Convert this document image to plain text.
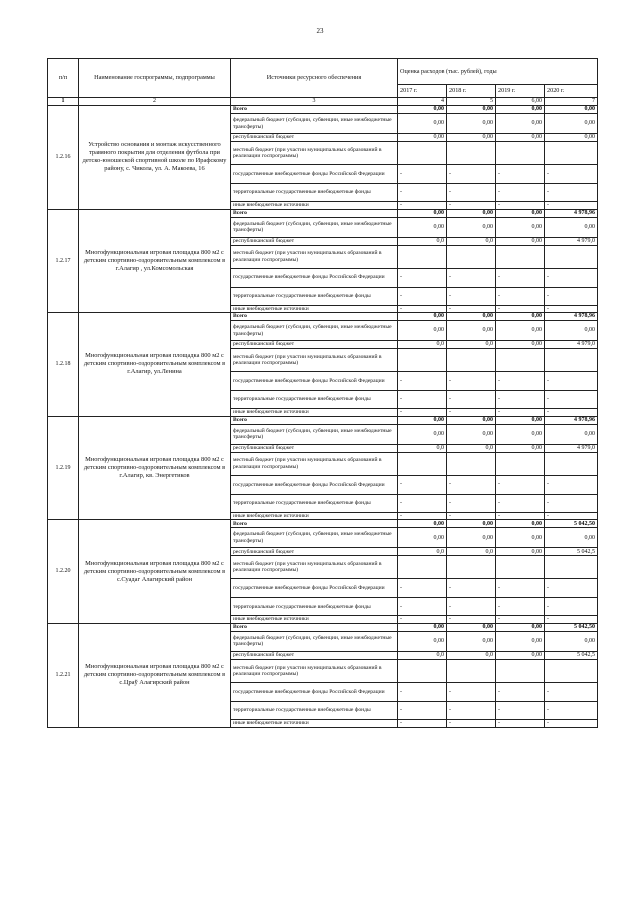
23
п/п	Наименование госпрограммы, подпрограммы	Источники ресурсного обеспечения	Оценка расходов (тыс. рублей), годы			
			2017 г.	2018 г.	2019 г.	2020 г.
1	2	3	4	5	6,00	7
1.2.16	Устройство основания и монтаж искусственного травяного покрытия для отделения футбола при детско-юношеской спортивной школе по Ирафскому району, с. Чикола, ул. А. Макоева, 16	Всего	0,00	0,00	0,00	0,00
		федеральный бюджет (субсидии, субвенции, иные межбюджетные трансферты)	0,00	0,00	0,00	0,00
		республиканский бюджет	0,00	0,00	0,00	0,00
		местный бюджет (при участии муниципальных образований в реализации госпрограммы)				
		государственные внебюджетные фонды Российской Федерации	-	-	-	-
		территориальные государственные внебюджетные фонды	-	-	-	-
		иные внебюджетные источники	-	-	-	-
1.2.17	Многофункциональная игровая площадка 800 м2 с детским спортивно-оздоровительным комплексом в г.Алагир , ул.Комсомольская	Всего	0,00	0,00	0,00	4 978,96
		федеральный бюджет (субсидии, субвенции, иные межбюджетные трансферты)	0,00	0,00	0,00	0,00
		республиканский бюджет	0,0	0,0	0,00	4 979,0
		местный бюджет (при участии муниципальных образований в реализации госпрограммы)				
		государственные внебюджетные фонды Российской Федерации	-	-	-	-
		территориальные государственные внебюджетные фонды	-	-	-	-
		иные внебюджетные источники	-	-	-	-
1.2.18	Многофункциональная игровая площадка 800 м2 с детским спортивно-оздоровительным комплексом в г.Алагир, ул.Ленина	Всего	0,00	0,00	0,00	4 978,96
		федеральный бюджет (субсидии, субвенции, иные межбюджетные трансферты)	0,00	0,00	0,00	0,00
		республиканский бюджет	0,0	0,0	0,00	4 979,0
		местный бюджет (при участии муниципальных образований в реализации госпрограммы)				
		государственные внебюджетные фонды Российской Федерации	-	-	-	-
		территориальные государственные внебюджетные фонды	-	-	-	-
		иные внебюджетные источники	-	-	-	-
1.2.19	Многофункциональная игровая площадка 800 м2 с детским спортивно-оздоровительным комплексом в г.Алагир, кв. Энергетиков	Всего	0,00	0,00	0,00	4 978,96
		федеральный бюджет (субсидии, субвенции, иные межбюджетные трансферты)	0,00	0,00	0,00	0,00
		республиканский бюджет	0,0	0,0	0,00	4 979,0
		местный бюджет (при участии муниципальных образований в реализации госпрограммы)				
		государственные внебюджетные фонды Российской Федерации	-	-	-	-
		территориальные государственные внебюджетные фонды	-	-	-	-
		иные внебюджетные источники	-	-	-	-
1.2.20	Многофункциональная игровая площадка 800 м2 с детским спортивно-оздоровительным комплексом в с.Суадаг Алагирский район	Всего	0,00	0,00	0,00	5 042,50
		федеральный бюджет (субсидии, субвенции, иные межбюджетные трансферты)	0,00	0,00	0,00	0,00
		республиканский бюджет	0,0	0,0	0,00	5 042,5
		местный бюджет (при участии муниципальных образований в реализации госпрограммы)				
		государственные внебюджетные фонды Российской Федерации	-	-	-	-
		территориальные государственные внебюджетные фонды	-	-	-	-
		иные внебюджетные источники	-	-	-	-
1.2.21	Многофункциональная игровая площадка 800 м2 с детским спортивно-оздоровительным комплексом в с.Цраў Алагирский район	Всего	0,00	0,00	0,00	5 042,50
		федеральный бюджет (субсидии, субвенции, иные межбюджетные трансферты)	0,00	0,00	0,00	0,00
		республиканский бюджет	0,0	0,0	0,00	5 042,5
		местный бюджет (при участии муниципальных образований в реализации госпрограммы)				
		государственные внебюджетные фонды Российской Федерации	-	-	-	-
		территориальные государственные внебюджетные фонды	-	-	-	-
		иные внебюджетные источники	-	-	-	-
